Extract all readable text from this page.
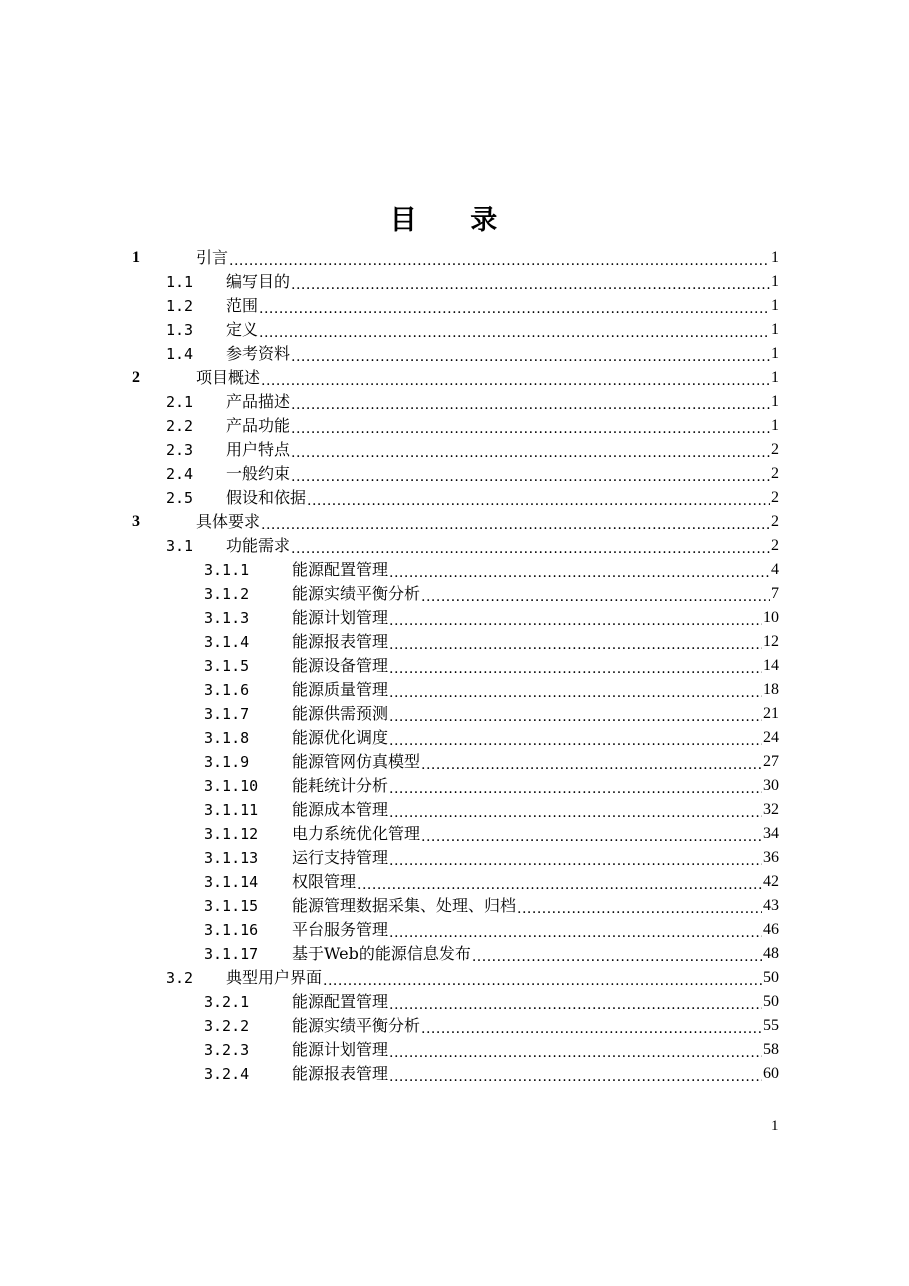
目 录
1	引言 .....	1
1.1	编写目的 .....	1
1.2	范围 .....	1
1.3	定义 .....	1
1.4	参考资料 .....	1
2	项目概述 .....	1
2.1	产品描述 .....	1
2.2	产品功能 .....	1
2.3	用户特点 .....	2
2.4	一般约束 .....	2
2.5	假设和依据 .....	2
3	具体要求 .....	2
3.1	功能需求 .....	2
3.1.1	能源配置管理 .....	4
3.1.2	能源实绩平衡分析 .....	7
3.1.3	能源计划管理 .....	10
3.1.4	能源报表管理 .....	12
3.1.5	能源设备管理 .....	14
3.1.6	能源质量管理 .....	18
3.1.7	能源供需预测 .....	21
3.1.8	能源优化调度 .....	24
3.1.9	能源管网仿真模型 .....	27
3.1.10	能耗统计分析 .....	30
3.1.11	能源成本管理 .....	32
3.1.12	电力系统优化管理 .....	34
3.1.13	运行支持管理 .....	36
3.1.14	权限管理 .....	42
3.1.15	能源管理数据采集、处理、归档 .....	43
3.1.16	平台服务管理 .....	46
3.1.17	基于Web的能源信息发布 .....	48
3.2	典型用户界面 .....	50
3.2.1	能源配置管理 .....	50
3.2.2	能源实绩平衡分析 .....	55
3.2.3	能源计划管理 .....	58
3.2.4	能源报表管理 .....	60
1
